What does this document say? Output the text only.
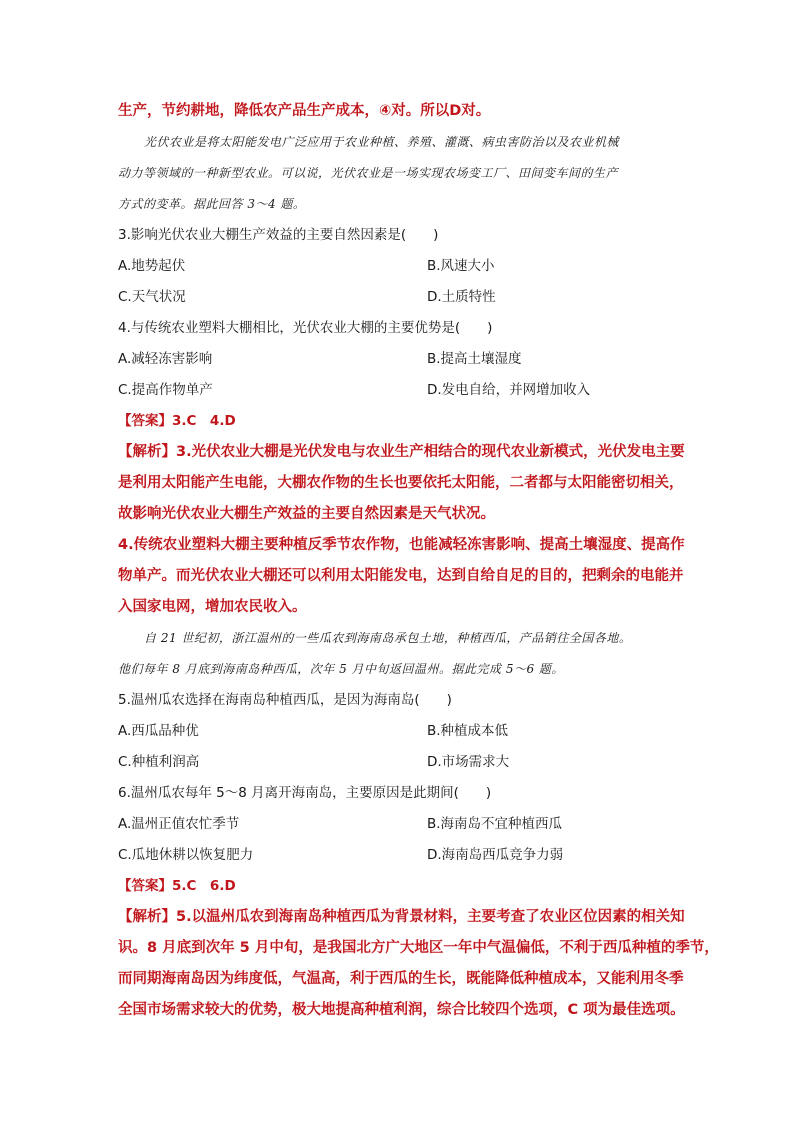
生产，节约耕地，降低农产品生产成本，④对。所以D对。
光伏农业是将太阳能发电广泛应用于农业种植、养殖、灌溉、病虫害防治以及农业机械
动力等领域的一种新型农业。可以说，光伏农业是一场实现农场变工厂、田间变车间的生产
方式的变革。据此回答 3～4 题。
3.影响光伏农业大棚生产效益的主要自然因素是(　　)
A.地势起伏	B.风速大小
C.天气状况	D.土质特性
4.与传统农业塑料大棚相比，光伏农业大棚的主要优势是(　　)
A.减轻冻害影响	B.提高土壤湿度
C.提高作物单产	D.发电自给，并网增加收入
【答案】3.C　4.D
【解析】3.光伏农业大棚是光伏发电与农业生产相结合的现代农业新模式，光伏发电主要
是利用太阳能产生电能，大棚农作物的生长也要依托太阳能，二者都与太阳能密切相关，
故影响光伏农业大棚生产效益的主要自然因素是天气状况。
4.传统农业塑料大棚主要种植反季节农作物，也能减轻冻害影响、提高土壤湿度、提高作
物单产。而光伏农业大棚还可以利用太阳能发电，达到自给自足的目的，把剩余的电能并
入国家电网，增加农民收入。
自 21 世纪初，浙江温州的一些瓜农到海南岛承包土地，种植西瓜，产品销往全国各地。
他们每年 8 月底到海南岛种西瓜，次年 5 月中旬返回温州。据此完成 5～6 题。
5.温州瓜农选择在海南岛种植西瓜，是因为海南岛(　　)
A.西瓜品种优	B.种植成本低
C.种植利润高	D.市场需求大
6.温州瓜农每年 5～8 月离开海南岛，主要原因是此期间(　　)
A.温州正值农忙季节	B.海南岛不宜种植西瓜
C.瓜地休耕以恢复肥力	D.海南岛西瓜竞争力弱
【答案】5.C　6.D
【解析】5.以温州瓜农到海南岛种植西瓜为背景材料，主要考查了农业区位因素的相关知
识。8 月底到次年 5 月中旬，是我国北方广大地区一年中气温偏低，不利于西瓜种植的季节，
而同期海南岛因为纬度低，气温高，利于西瓜的生长，既能降低种植成本，又能利用冬季
全国市场需求较大的优势，极大地提高种植利润，综合比较四个选项，C 项为最佳选项。
